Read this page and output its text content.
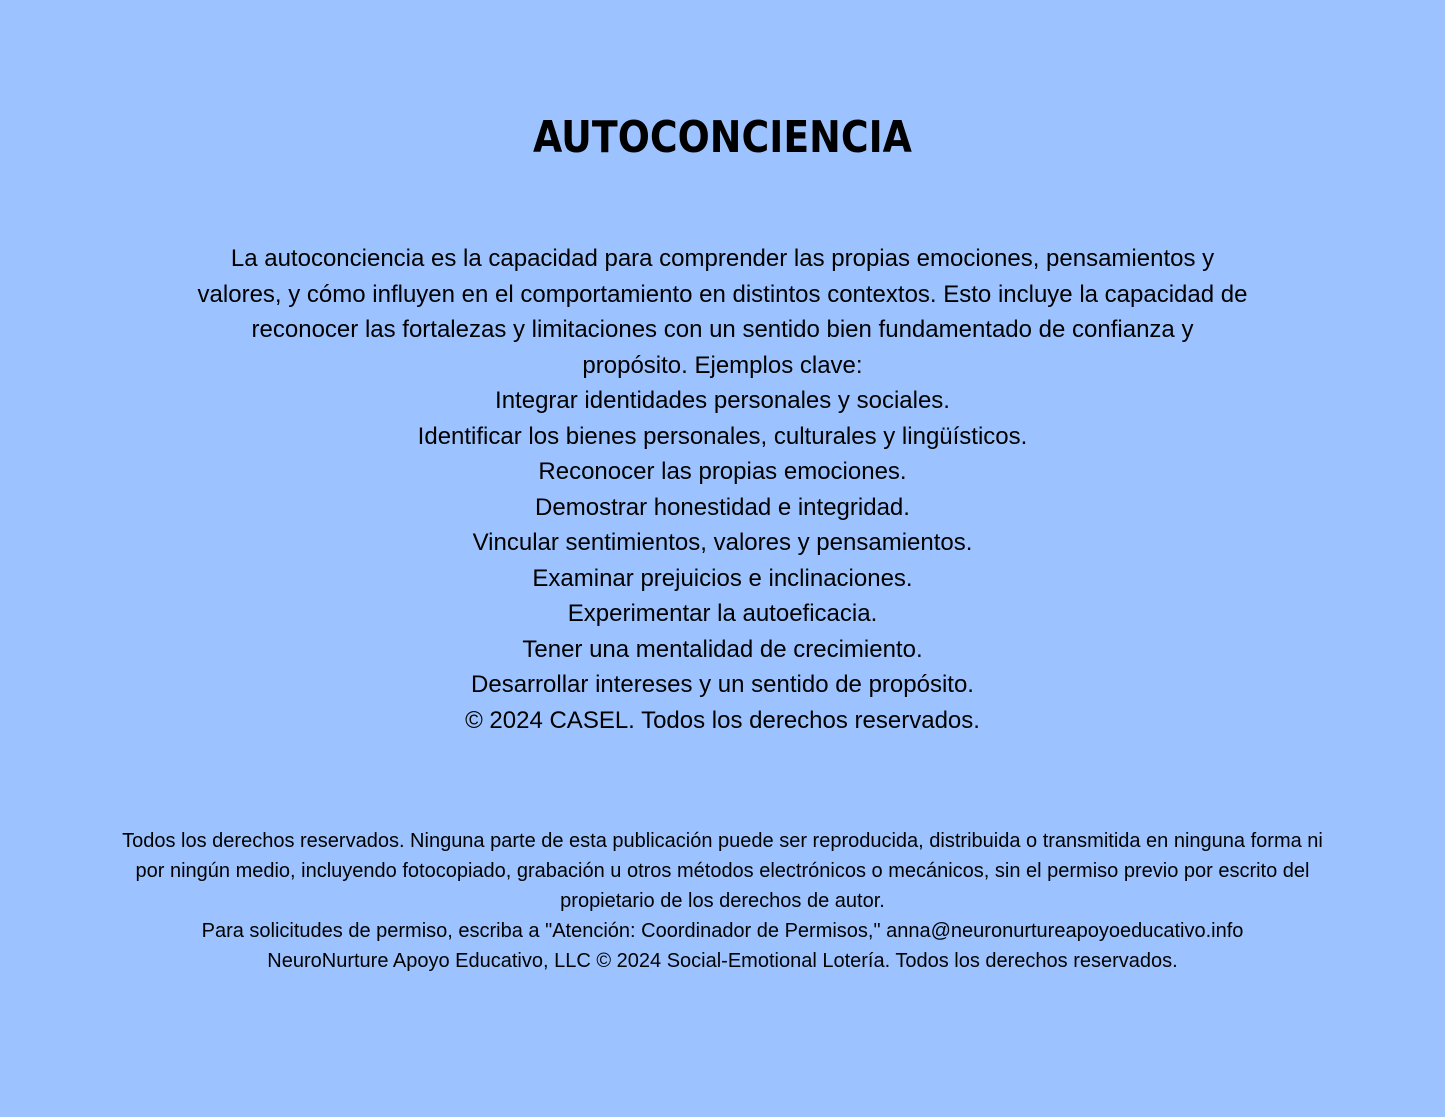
AUTOCONCIENCIA

La autoconciencia es la capacidad para comprender las propias emociones, pensamientos y

valores, y cómo influyen en el comportamiento en distintos contextos. Esto incluye la capacidad de

reconocer las fortalezas y limitaciones con un sentido bien fundamentado de confianza y

propósito. Ejemplos clave:

Integrar identidades personales y sociales.

Identificar los bienes personales, culturales y lingüísticos.

Reconocer las propias emociones.

Demostrar honestidad e integridad.

Vincular sentimientos, valores y pensamientos.

Examinar prejuicios e inclinaciones.

Experimentar la autoeficacia.

Tener una mentalidad de crecimiento.

Desarrollar intereses y un sentido de propósito.

© 2024 CASEL. Todos los derechos reservados.

Todos los derechos reservados. Ninguna parte de esta publicación puede ser reproducida, distribuida o transmitida en ninguna forma ni

por ningún medio, incluyendo fotocopiado, grabación u otros métodos electrónicos o mecánicos, sin el permiso previo por escrito del

propietario de los derechos de autor.

Para solicitudes de permiso, escriba a "Atención: Coordinador de Permisos," anna@neuronurtureapoyoeducativo.info

NeuroNurture Apoyo Educativo, LLC © 2024 Social-Emotional Lotería. Todos los derechos reservados.
